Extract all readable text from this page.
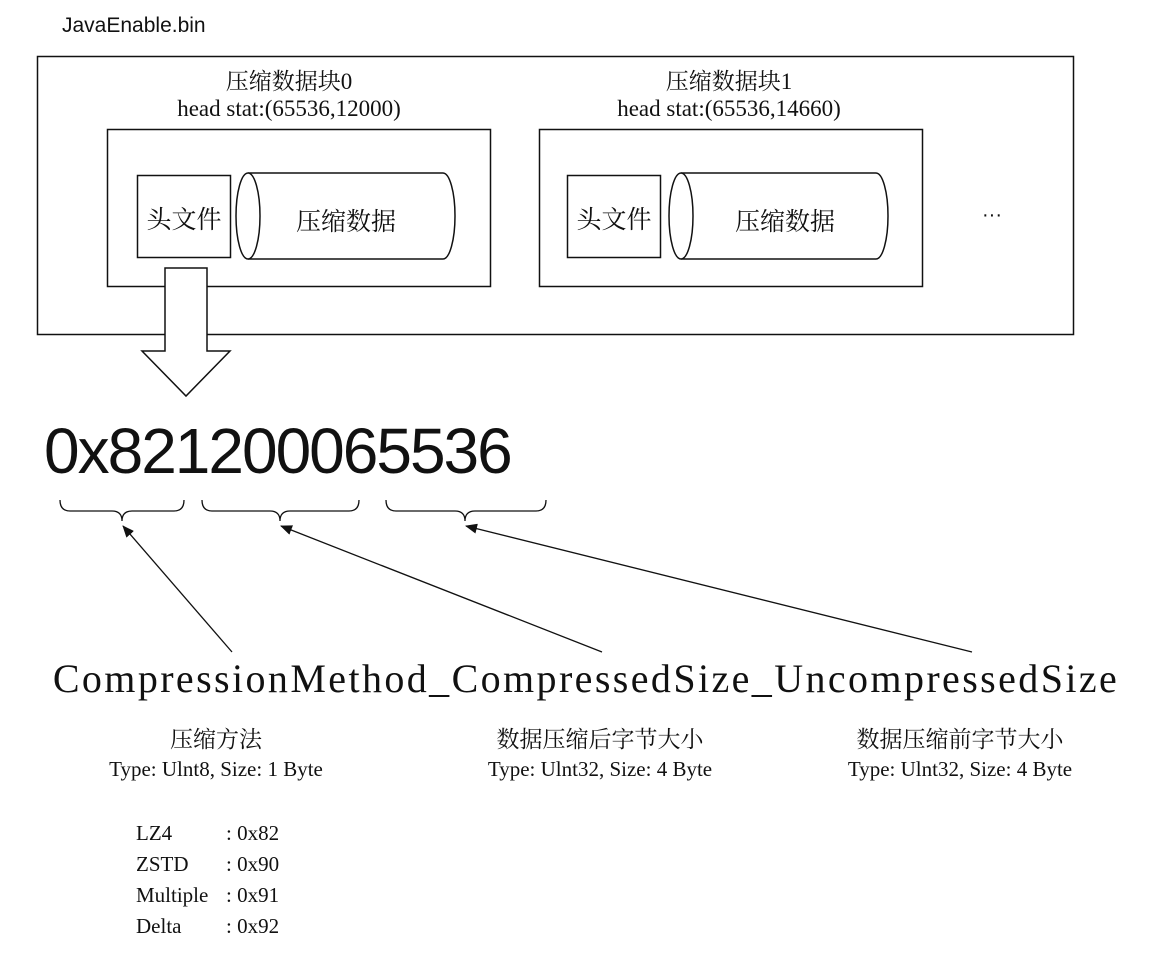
JavaEnable.bin
压缩数据块0
head stat:(65536,12000)
压缩数据块1
head stat:(65536,14660)
头文件	压缩数据	头文件	压缩数据	···
0x821200065536
CompressionMethod_CompressedSize_UncompressedSize
压缩方法
Type: Ulnt8, Size: 1 Byte
数据压缩后字节大小
Type: Ulnt32, Size: 4 Byte
数据压缩前字节大小
Type: Ulnt32, Size: 4 Byte
LZ4	: 0x82
ZSTD	: 0x90
Multiple : 0x91
Delta	: 0x92
